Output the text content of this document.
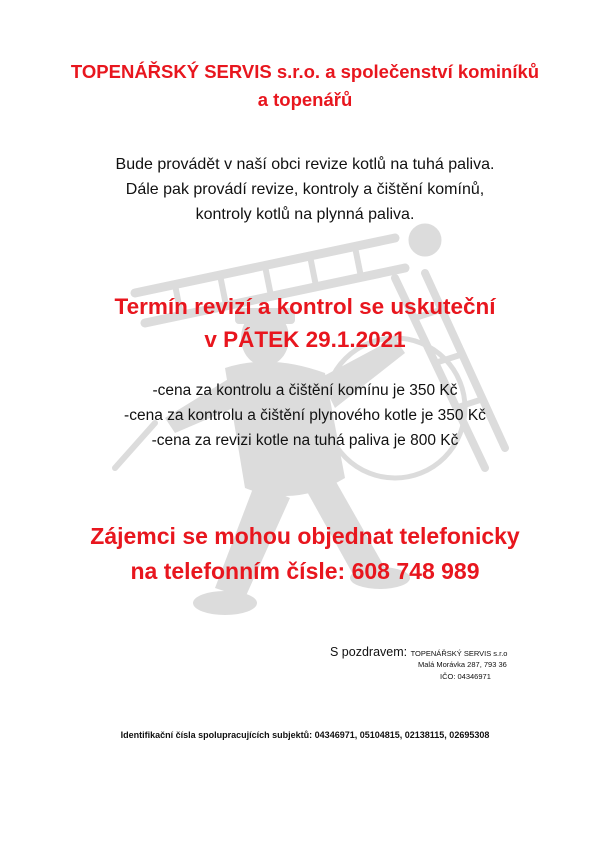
TOPENÁŘSKÝ SERVIS s.r.o. a společenství kominíků
a topenářů
Bude provádět v naší obci revize kotlů na tuhá paliva.
Dále pak provádí revize, kontroly a čištění komínů,
kontroly kotlů na plynná paliva.
Termín revizí a kontrol se uskuteční
v PÁTEK 29.1.2021
-cena za kontrolu a čištění komínu je 350 Kč
-cena za kontrolu a čištění plynového kotle je 350 Kč
-cena za revizi kotle na tuhá paliva je 800 Kč
Zájemci se mohou objednat telefonicky
na telefonním čísle: 608 748 989
S pozdravem: TOPENÁŘSKÝ SERVIS s.r.o
Malá Morávka 287, 793 36
IČO: 04346971
Identifikační čísla spolupracujících subjektů: 04346971, 05104815, 02138115, 02695308
